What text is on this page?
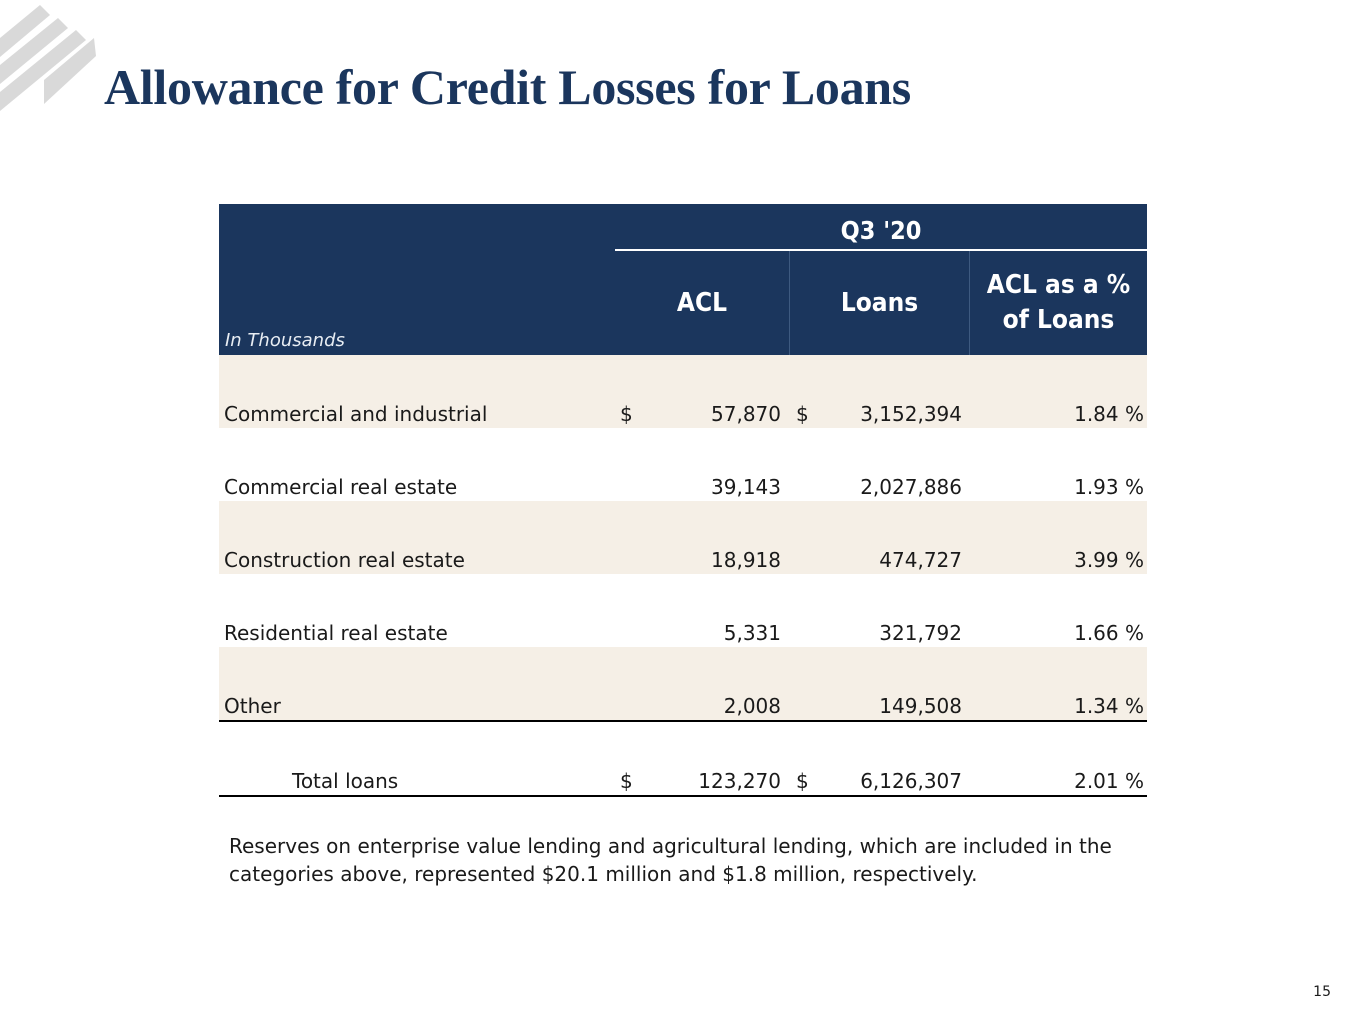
Allowance for Credit Losses for Loans
Q3 '20
ACL	Loans
ACL as a %
of Loans
In Thousands
Commercial and industrial	$	57,870 $	3,152,394	1.84 %
Commercial real estate	39,143	2,027,886	1.93 %
Construction real estate	18,918	474,727	3.99 %
Residential real estate	5,331	321,792	1.66 %
Other	2,008	149,508	1.34 %
Total loans	$	123,270 $	6,126,307	2.01 %

Reserves on enterprise value lending and agricultural lending, which are included in the
categories above, represented $20.1 million and $1.8 million, respectively.

15
